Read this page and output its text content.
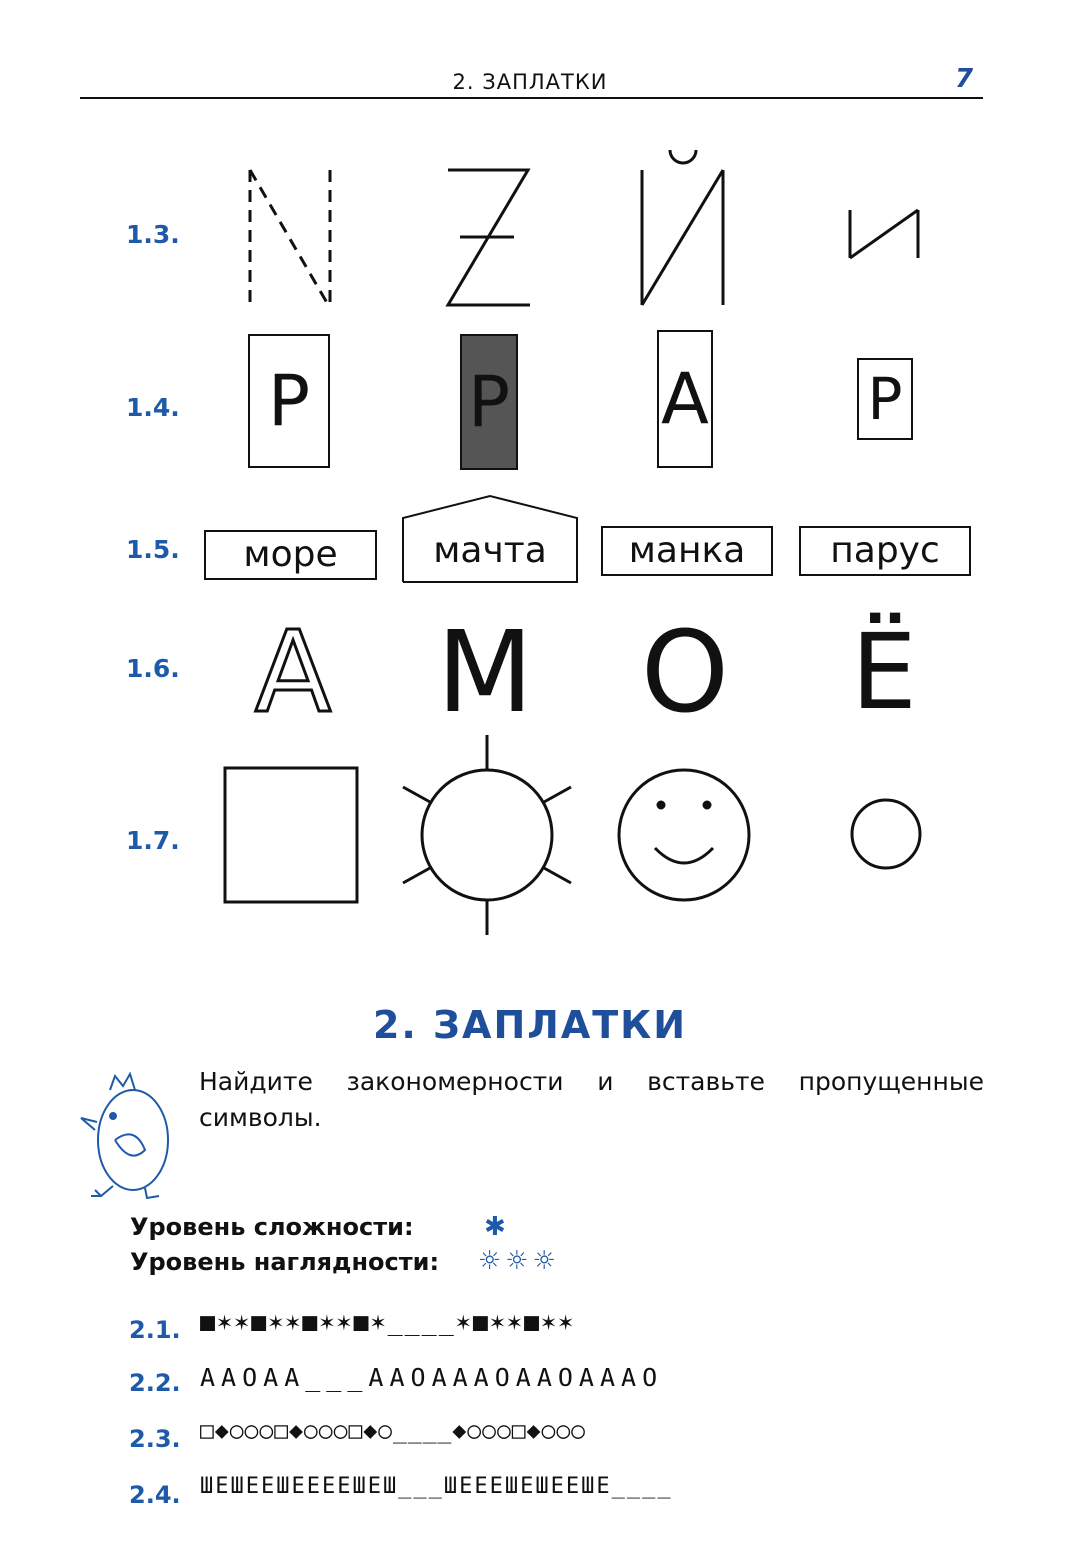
2. ЗАПЛАТКИ	7
1.3.
1.4. P P A	P
1.5.	море	мачта	манка	парус
1.6. A M O Ё
1.7.
2. ЗАПЛАТКИ
Найдите закономерности и вставьте пропущенные символы.
Уровень сложности:	✱
Уровень наглядности: ☼☼☼
2.1. ■✶✶■✶✶■✶✶■✶____✶■✶✶■✶✶
2.2. AAOAA___AAOAAAOAAOAAAO
2.3. □◆○○○□◆○○○□◆○____◆○○○□◆○○○
2.4. ШЕШЕЕШЕЕЕЕШЕШ___ШЕЕЕШЕШЕЕШЕ____
